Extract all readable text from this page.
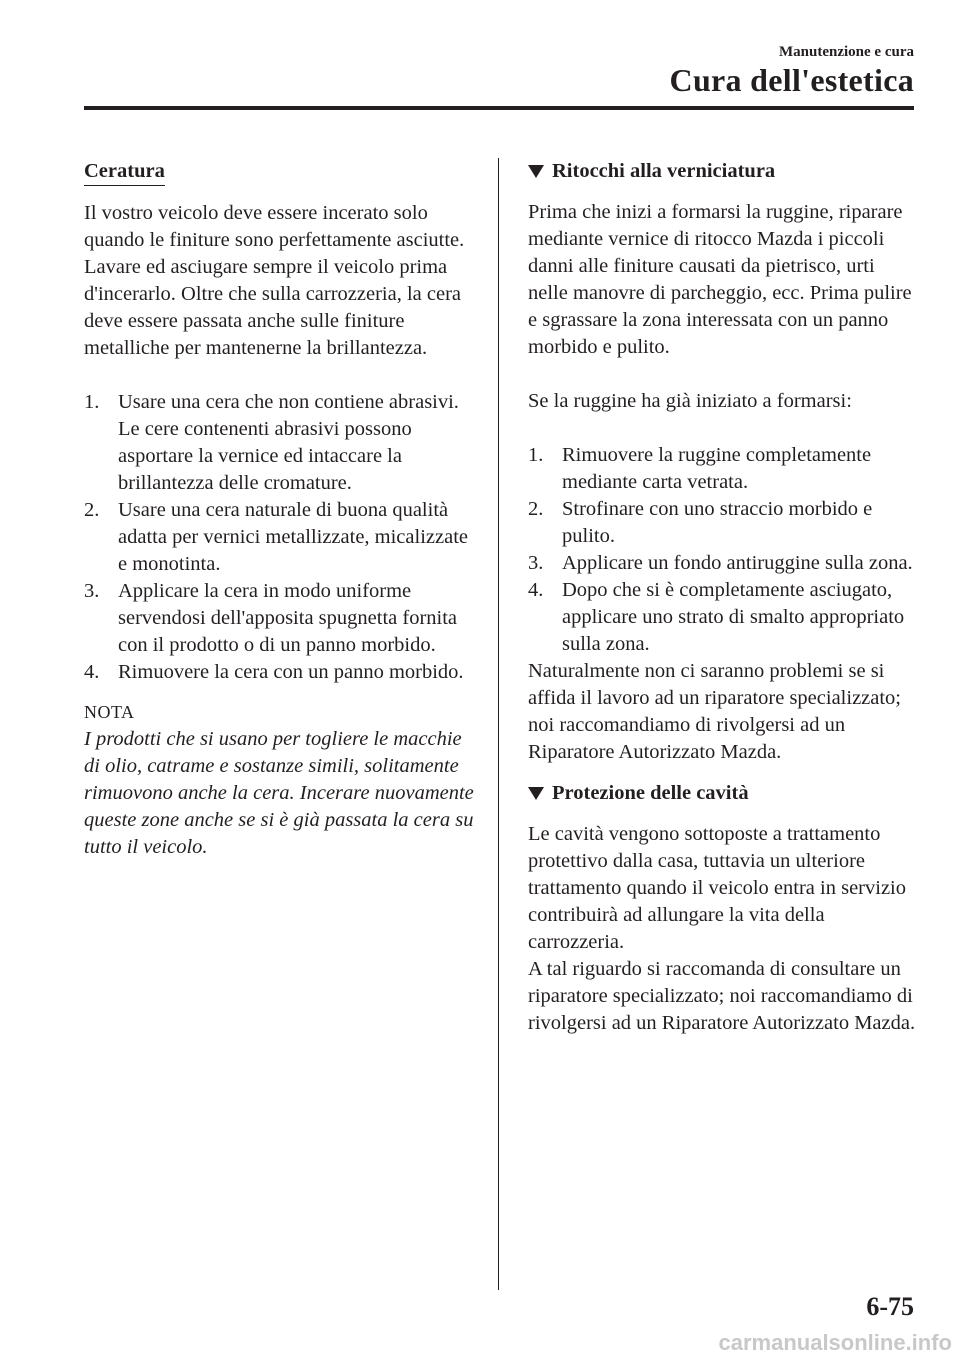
Manutenzione e cura
Cura dell'estetica
Ceratura

Il vostro veicolo deve essere incerato solo quando le finiture sono perfettamente asciutte.

Lavare ed asciugare sempre il veicolo prima d'incerarlo. Oltre che sulla carrozzeria, la cera deve essere passata anche sulle finiture metalliche per mantenerne la brillantezza.

1. Usare una cera che non contiene abrasivi.
Le cere contenenti abrasivi possono asportare la vernice ed intaccare la brillantezza delle cromature.
2. Usare una cera naturale di buona qualità adatta per vernici metallizzate, micalizzate e monotinta.
3. Applicare la cera in modo uniforme servendosi dell'apposita spugnetta fornita con il prodotto o di un panno morbido.
4. Rimuovere la cera con un panno morbido.
NOTA

I prodotti che si usano per togliere le macchie di olio, catrame e sostanze simili, solitamente rimuovono anche la cera. Incerare nuovamente queste zone anche se si è già passata la cera su tutto il veicolo.

Ritocchi alla verniciatura

Prima che inizi a formarsi la ruggine, riparare mediante vernice di ritocco Mazda i piccoli danni alle finiture causati da pietrisco, urti nelle manovre di parcheggio, ecc. Prima pulire e sgrassare la zona interessata con un panno morbido e pulito.

Se la ruggine ha già iniziato a formarsi:

1. Rimuovere la ruggine completamente mediante carta vetrata.
2. Strofinare con uno straccio morbido e pulito.
3. Applicare un fondo antiruggine sulla zona.
4. Dopo che si è completamente asciugato, applicare uno strato di smalto appropriato sulla zona.

Naturalmente non ci saranno problemi se si affida il lavoro ad un riparatore specializzato; noi raccomandiamo di rivolgersi ad un Riparatore Autorizzato Mazda.

Protezione delle cavità

Le cavità vengono sottoposte a trattamento protettivo dalla casa, tuttavia un ulteriore trattamento quando il veicolo entra in servizio contribuirà ad allungare la vita della carrozzeria.

A tal riguardo si raccomanda di consultare un riparatore specializzato; noi raccomandiamo di rivolgersi ad un Riparatore Autorizzato Mazda.

6-75
carmanualsonline.info
